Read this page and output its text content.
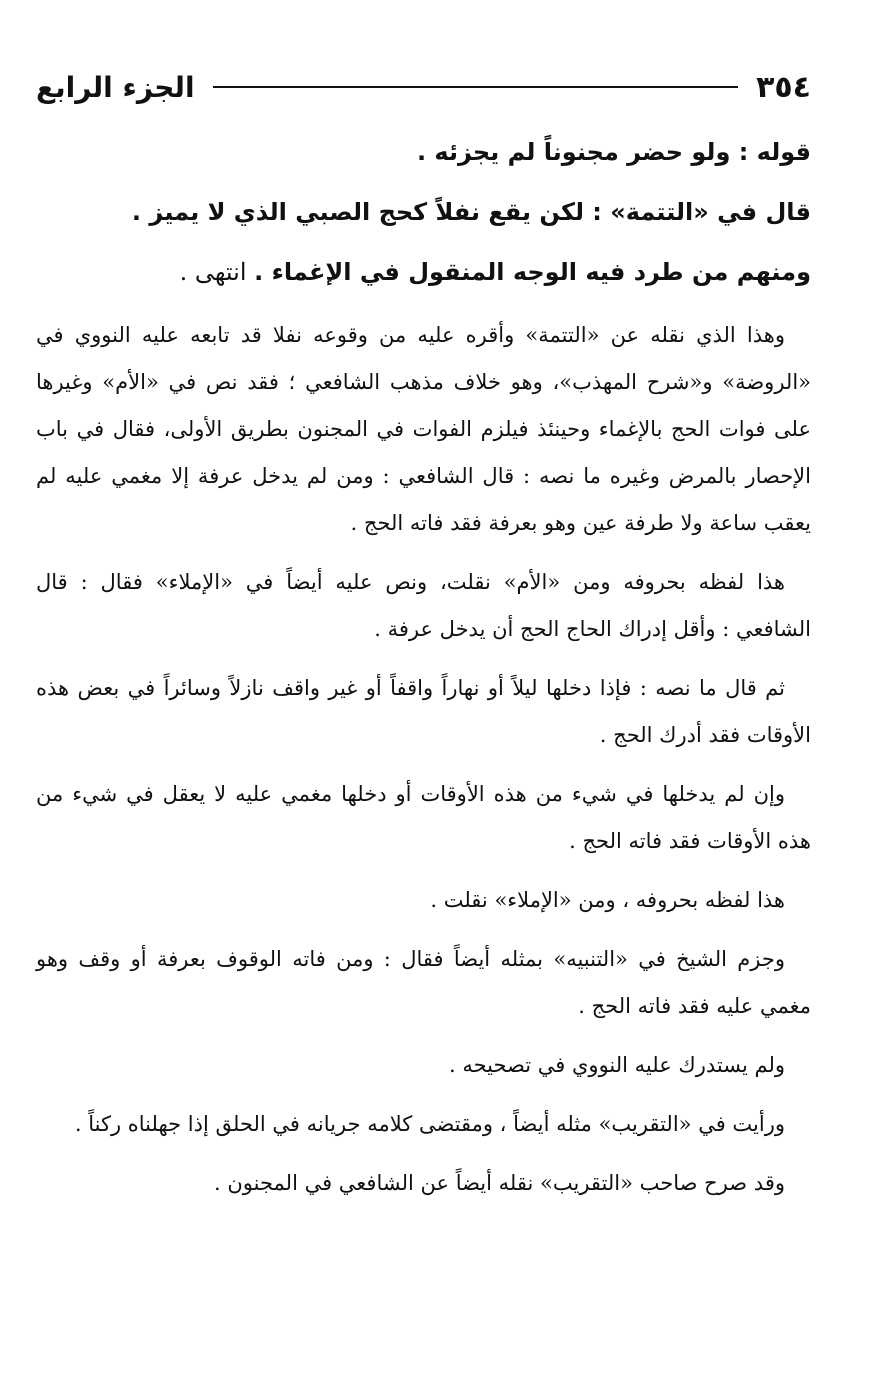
٣٥٤
الجزء الرابع

قوله : ولو حضر مجنوناً لم يجزئه .

قال في «التتمة» : لكن يقع نفلاً كحج الصبي الذي لا يميز .

ومنهم من طرد فيه الوجه المنقول في الإغماء . انتهى .

وهذا الذي نقله عن «التتمة» وأقره عليه من وقوعه نفلا قد تابعه عليه النووي في «الروضة» و«شرح المهذب»، وهو خلاف مذهب الشافعي ؛ فقد نص في «الأم» وغيرها على فوات الحج بالإغماء وحينئذ فيلزم الفوات في المجنون بطريق الأولى، فقال في باب الإحصار بالمرض وغيره ما نصه : قال الشافعي : ومن لم يدخل عرفة إلا مغمي عليه لم يعقب ساعة ولا طرفة عين وهو بعرفة فقد فاته الحج .

هذا لفظه بحروفه ومن «الأم» نقلت، ونص عليه أيضاً في «الإملاء» فقال : قال الشافعي : وأقل إدراك الحاج الحج أن يدخل عرفة .

ثم قال ما نصه : فإذا دخلها ليلاً أو نهاراً واقفاً أو غير واقف نازلاً وسائراً في بعض هذه الأوقات فقد أدرك الحج .

وإن لم يدخلها في شيء من هذه الأوقات أو دخلها مغمي عليه لا يعقل في شيء من هذه الأوقات فقد فاته الحج .

هذا لفظه بحروفه ، ومن «الإملاء» نقلت .

وجزم الشيخ في «التنبيه» بمثله أيضاً فقال : ومن فاته الوقوف بعرفة أو وقف وهو مغمي عليه فقد فاته الحج .

ولم يستدرك عليه النووي في تصحيحه .

ورأيت في «التقريب» مثله أيضاً ، ومقتضى كلامه جريانه في الحلق إذا جهلناه ركناً .

وقد صرح صاحب «التقريب» نقله أيضاً عن الشافعي في المجنون .
